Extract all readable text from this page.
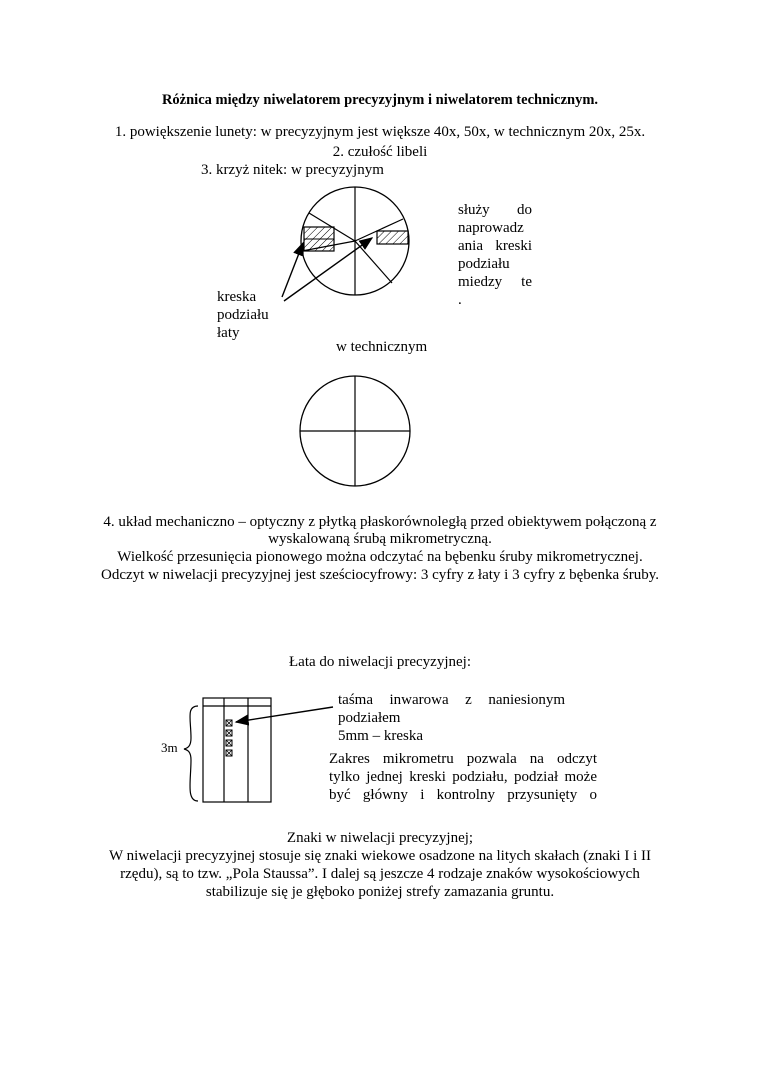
Różnica między niwelatorem precyzyjnym i niwelatorem technicznym.
1. powiększenie lunety: w precyzyjnym jest większe 40x, 50x, w technicznym 20x, 25x.
2. czułość libeli
3. krzyż nitek: w precyzyjnym
służy do
naprowadz
ania kreski
podziału
miedzy te
.
kreska
podziału
łaty
w technicznym
4. układ mechaniczno – optyczny z płytką płaskorównoległą przed obiektywem połączoną z
wyskalowaną śrubą mikrometryczną.
Wielkość przesunięcia pionowego można odczytać na bębenku śruby mikrometrycznej.
Odczyt w niwelacji precyzyjnej jest sześciocyfrowy: 3 cyfry z łaty i 3 cyfry z bębenka śruby.
Łata do niwelacji precyzyjnej:
3m
taśma inwarowa z naniesionym
podziałem
5mm – kreska
Zakres mikrometru pozwala na odczyt
tylko jednej kreski podziału, podział może
być główny i kontrolny przysunięty o
Znaki w niwelacji precyzyjnej;
W niwelacji precyzyjnej stosuje się znaki wiekowe osadzone na litych skałach (znaki I i II
rzędu), są to tzw. „Pola Staussa”. I dalej są jeszcze 4 rodzaje znaków wysokościowych
stabilizuje się je głęboko poniżej strefy zamazania gruntu.
